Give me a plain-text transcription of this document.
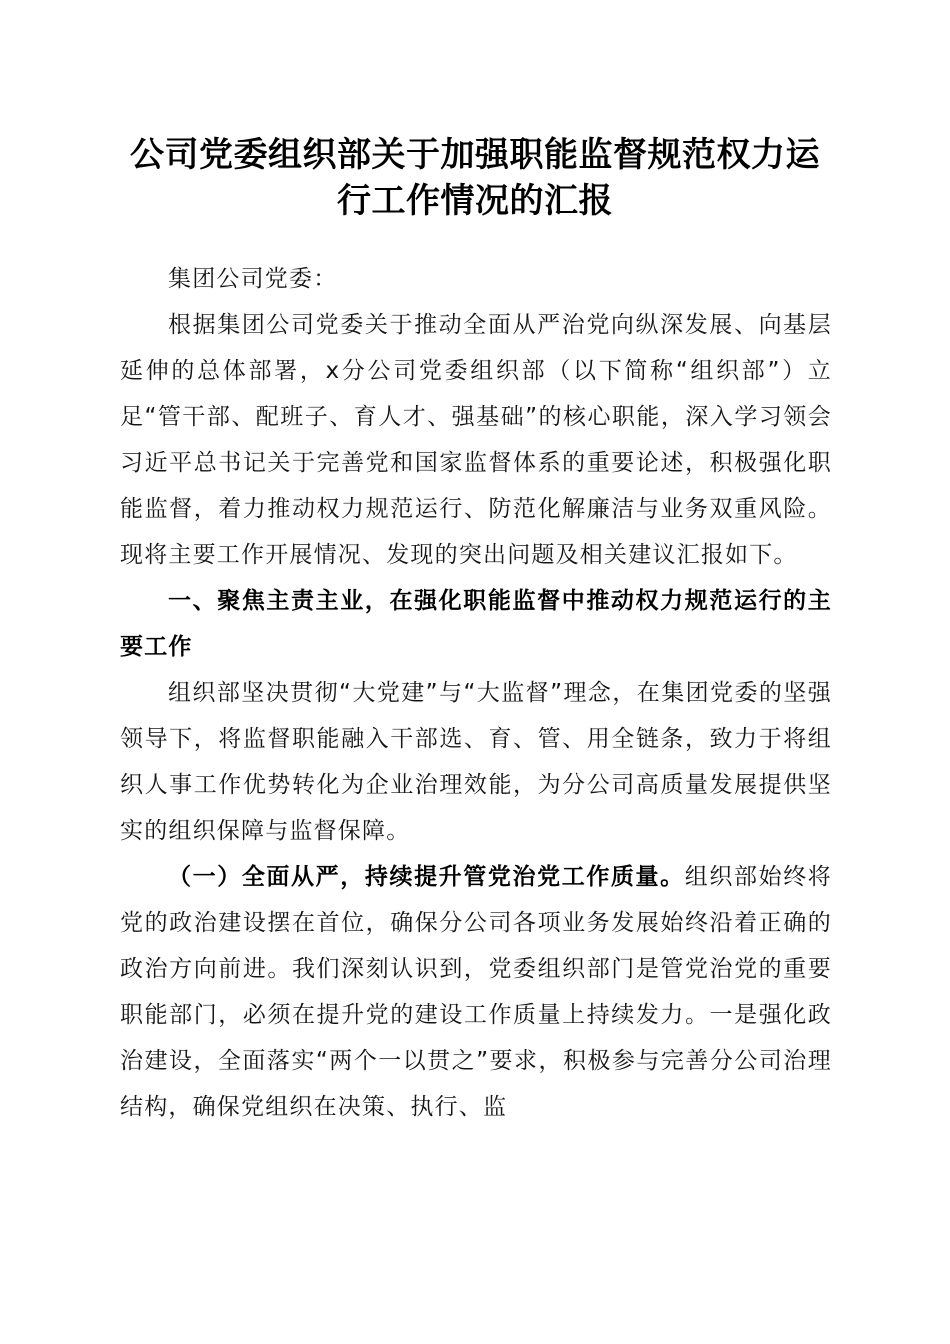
公司党委组织部关于加强职能监督规范权力运
行工作情况的汇报

集团公司党委：

根据集团公司党委关于推动全面从严治党向纵深发展、向基层延伸的总体部署，x分公司党委组织部（以下简称“组织部”）立足“管干部、配班子、育人才、强基础”的核心职能，深入学习领会习近平总书记关于完善党和国家监督体系的重要论述，积极强化职能监督，着力推动权力规范运行、防范化解廉洁与业务双重风险。现将主要工作开展情况、发现的突出问题及相关建议汇报如下。

一、聚焦主责主业，在强化职能监督中推动权力规范运行的主要工作

组织部坚决贯彻“大党建”与“大监督”理念，在集团党委的坚强领导下，将监督职能融入干部选、育、管、用全链条，致力于将组织人事工作优势转化为企业治理效能，为分公司高质量发展提供坚实的组织保障与监督保障。

（一）全面从严，持续提升管党治党工作质量。组织部始终将党的政治建设摆在首位，确保分公司各项业务发展始终沿着正确的政治方向前进。我们深刻认识到，党委组织部门是管党治党的重要职能部门，必须在提升党的建设工作质量上持续发力。一是强化政治建设，全面落实“两个一以贯之”要求，积极参与完善分公司治理结构，确保党组织在决策、执行、监
